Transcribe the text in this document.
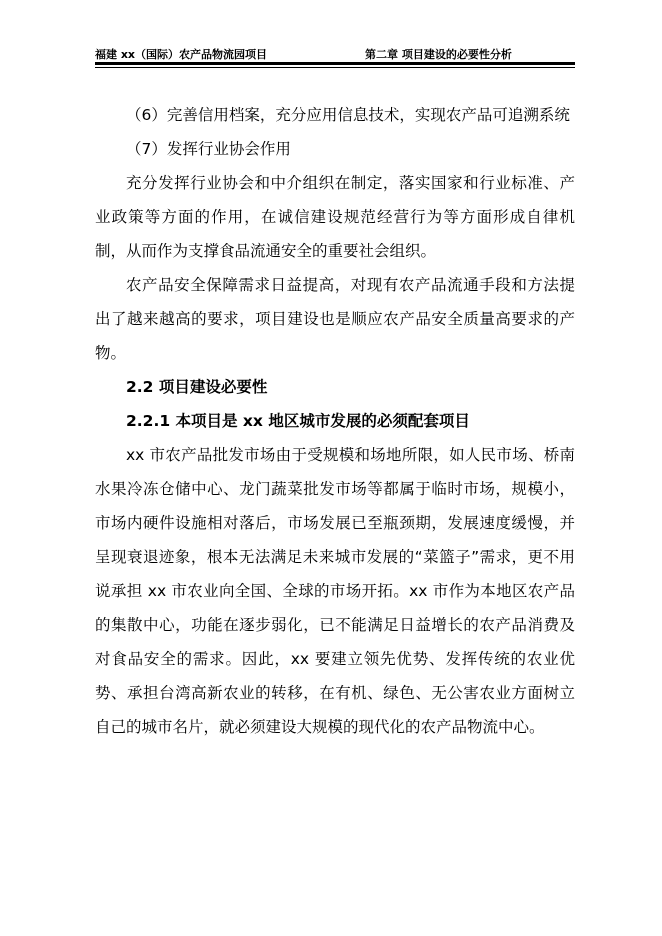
福建 xx（国际）农产品物流园项目	第二章 项目建设的必要性分析

（6）完善信用档案，充分应用信息技术，实现农产品可追溯系统

（7）发挥行业协会作用

充分发挥行业协会和中介组织在制定，落实国家和行业标准、产业政策等方面的作用，在诚信建设规范经营行为等方面形成自律机制，从而作为支撑食品流通安全的重要社会组织。

农产品安全保障需求日益提高，对现有农产品流通手段和方法提出了越来越高的要求，项目建设也是顺应农产品安全质量高要求的产物。

2.2 项目建设必要性

2.2.1 本项目是 xx 地区城市发展的必须配套项目

xx 市农产品批发市场由于受规模和场地所限，如人民市场、桥南水果冷冻仓储中心、龙门蔬菜批发市场等都属于临时市场，规模小，市场内硬件设施相对落后，市场发展已至瓶颈期，发展速度缓慢，并呈现衰退迹象，根本无法满足未来城市发展的“菜篮子”需求，更不用说承担 xx 市农业向全国、全球的市场开拓。xx 市作为本地区农产品的集散中心，功能在逐步弱化，已不能满足日益增长的农产品消费及对食品安全的需求。因此，xx 要建立领先优势、发挥传统的农业优势、承担台湾高新农业的转移，在有机、绿色、无公害农业方面树立自己的城市名片，就必须建设大规模的现代化的农产品物流中心。
